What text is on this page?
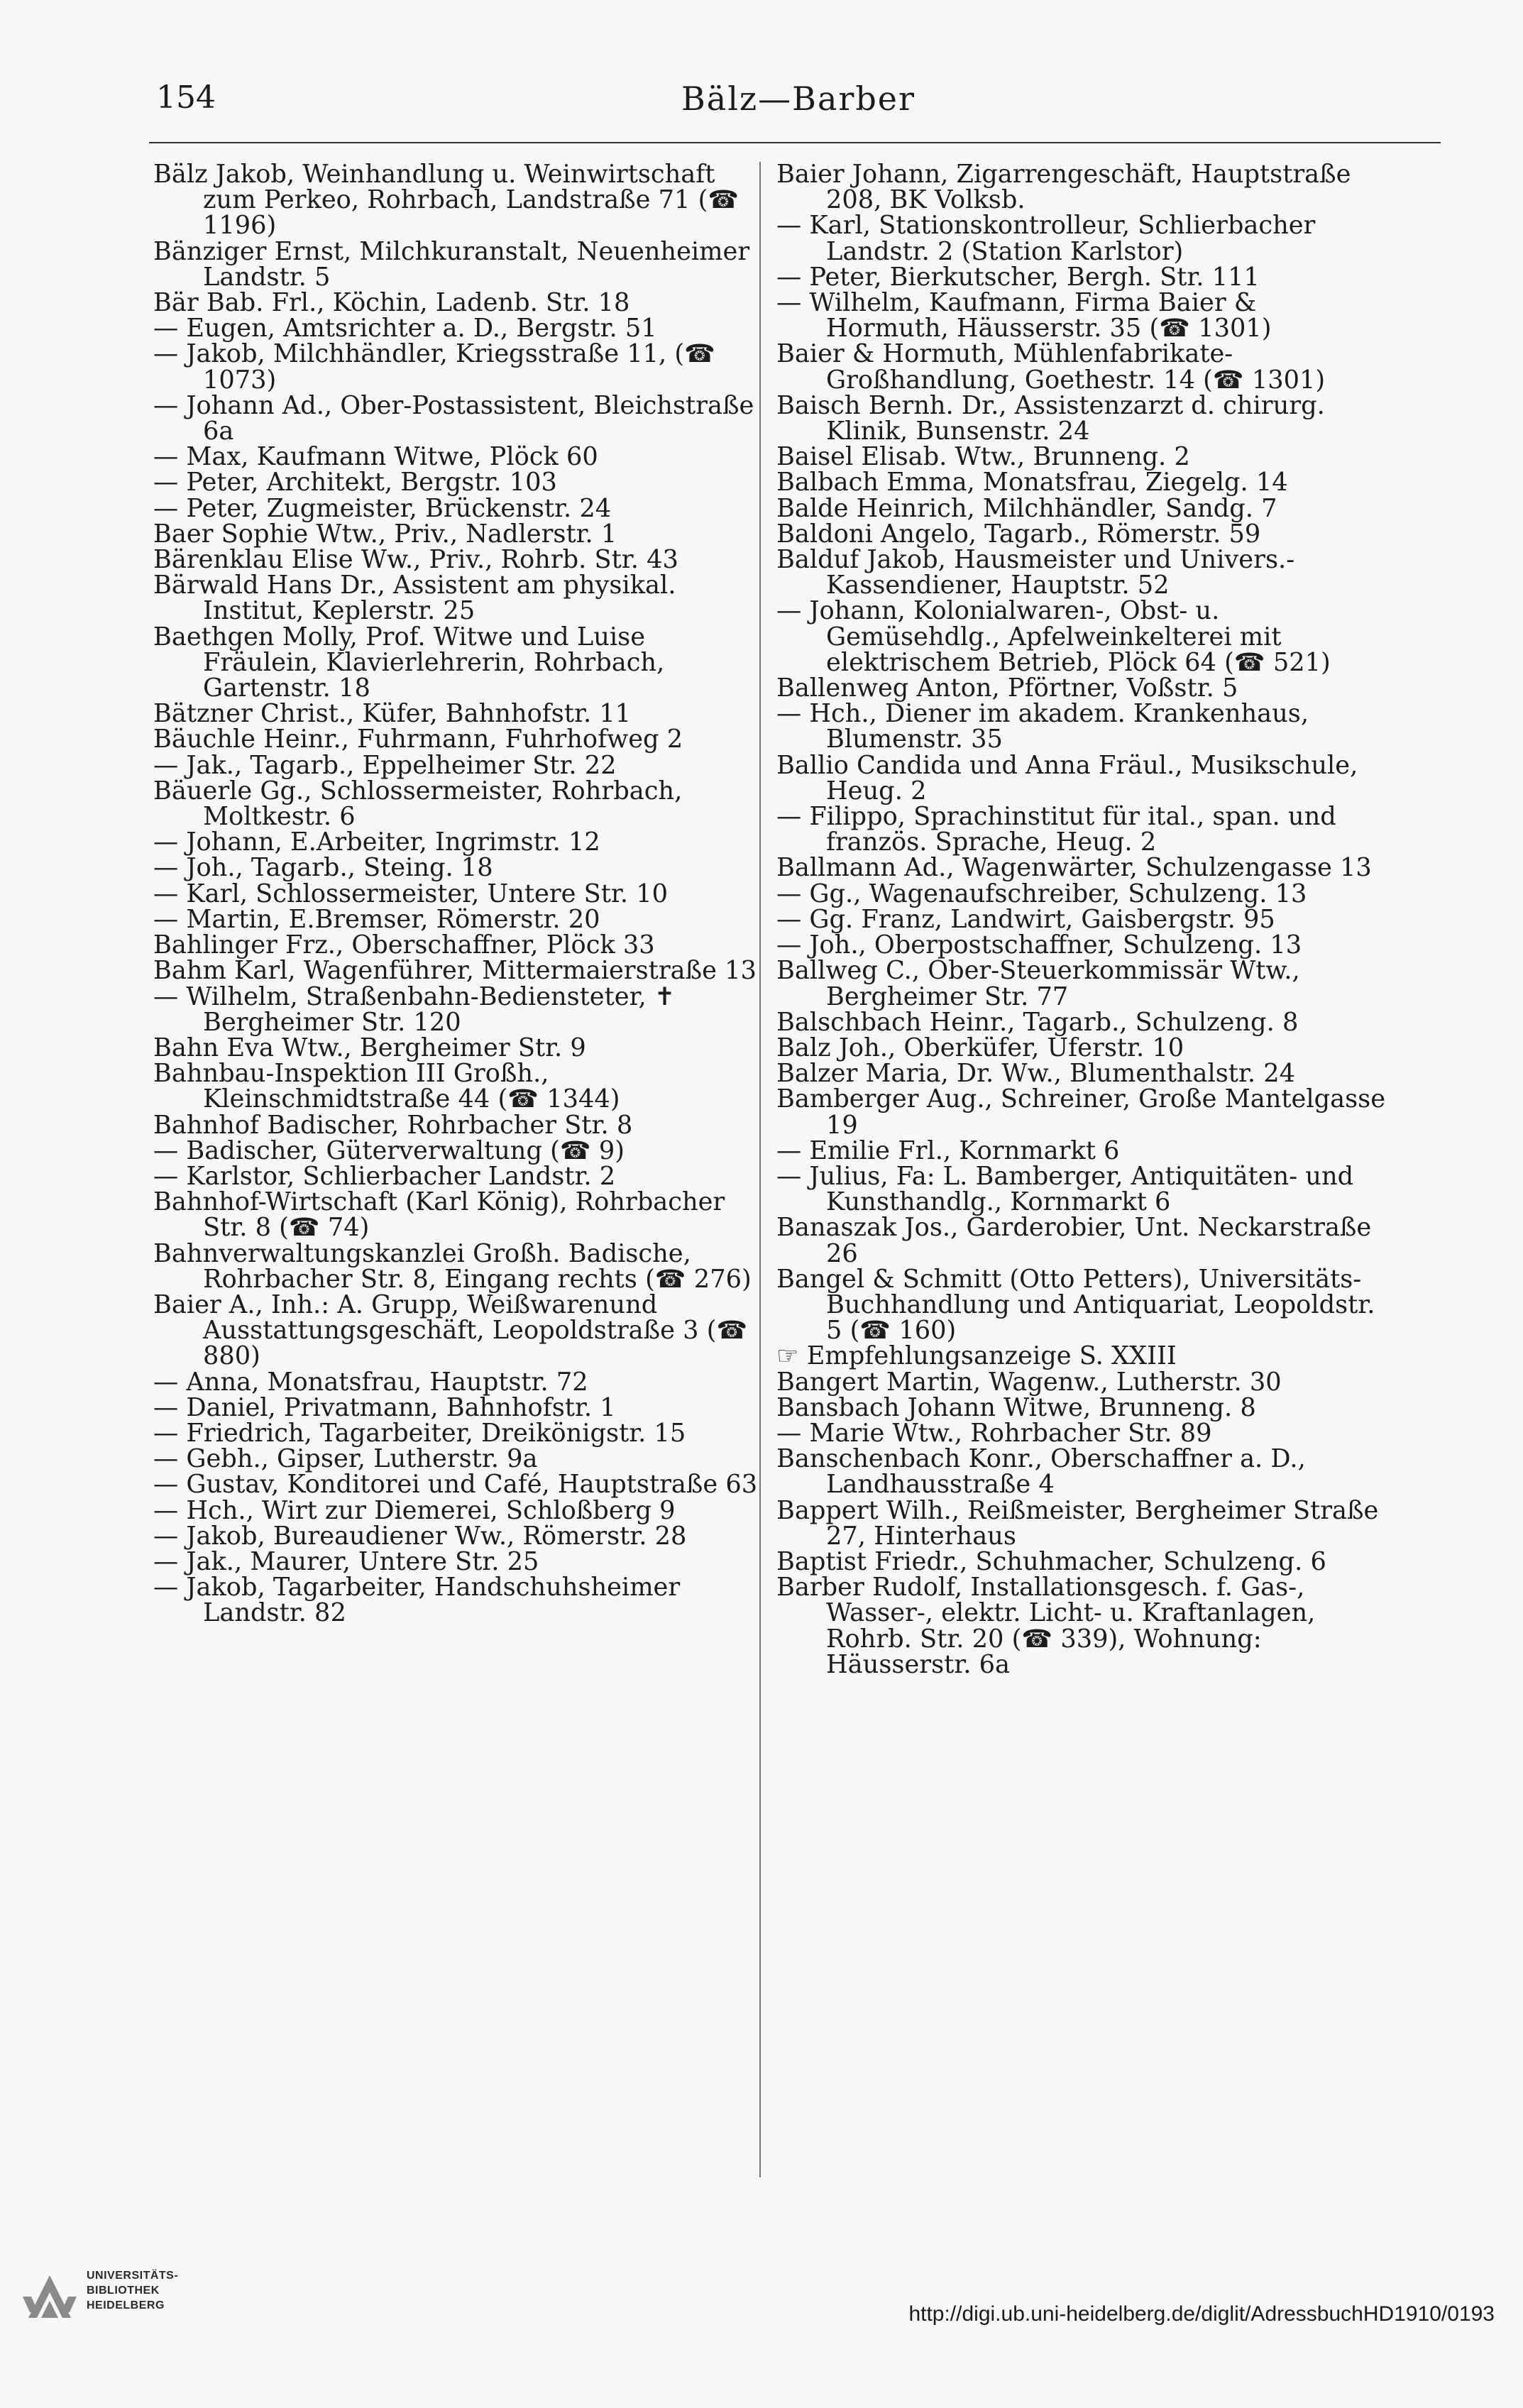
154	Bälz—Barber

Bälz Jakob, Weinhandlung u. Weinwirtschaft zum Perkeo, Rohrbach, Landstraße 71 (☎ 1196)

Bänziger Ernst, Milchkuranstalt, Neuenheimer Landstr. 5

Bär Bab. Frl., Köchin, Ladenb. Str. 18

— Eugen, Amtsrichter a. D., Bergstr. 51

— Jakob, Milchhändler, Kriegsstraße 11, (☎ 1073)

— Johann Ad., Ober-Postassistent, Bleichstraße 6a

— Max, Kaufmann Witwe, Plöck 60

— Peter, Architekt, Bergstr. 103

— Peter, Zugmeister, Brückenstr. 24

Baer Sophie Wtw., Priv., Nadlerstr. 1

Bärenklau Elise Ww., Priv., Rohrb. Str. 43

Bärwald Hans Dr., Assistent am physikal. Institut, Keplerstr. 25

Baethgen Molly, Prof. Witwe und Luise Fräulein, Klavierlehrerin, Rohrbach, Gartenstr. 18

Bätzner Christ., Küfer, Bahnhofstr. 11

Bäuchle Heinr., Fuhrmann, Fuhrhofweg 2

— Jak., Tagarb., Eppelheimer Str. 22

Bäuerle Gg., Schlossermeister, Rohrbach, Moltkestr. 6

— Johann, E.Arbeiter, Ingrimstr. 12

— Joh., Tagarb., Steing. 18

— Karl, Schlossermeister, Untere Str. 10

— Martin, E.Bremser, Römerstr. 20

Bahlinger Frz., Oberschaffner, Plöck 33

Bahm Karl, Wagenführer, Mittermaierstraße 13

— Wilhelm, Straßenbahn-Bediensteter, ✝ Bergheimer Str. 120

Bahn Eva Wtw., Bergheimer Str. 9

Bahnbau-Inspektion III Großh., Kleinschmidtstraße 44 (☎ 1344)

Bahnhof Badischer, Rohrbacher Str. 8

— Badischer, Güterverwaltung (☎ 9)

— Karlstor, Schlierbacher Landstr. 2

Bahnhof-Wirtschaft (Karl König), Rohrbacher Str. 8 (☎ 74)

Bahnverwaltungskanzlei Großh. Badische, Rohrbacher Str. 8, Eingang rechts (☎ 276)

Baier A., Inh.: A. Grupp, Weißwarenund Ausstattungsgeschäft, Leopoldstraße 3 (☎ 880)

— Anna, Monatsfrau, Hauptstr. 72

— Daniel, Privatmann, Bahnhofstr. 1

— Friedrich, Tagarbeiter, Dreikönigstr. 15

— Gebh., Gipser, Lutherstr. 9a

— Gustav, Konditorei und Café, Hauptstraße 63

— Hch., Wirt zur Diemerei, Schloßberg 9

— Jakob, Bureaudiener Ww., Römerstr. 28

— Jak., Maurer, Untere Str. 25

— Jakob, Tagarbeiter, Handschuhsheimer Landstr. 82

Baier Johann, Zigarrengeschäft, Hauptstraße 208, BK Volksb.

— Karl, Stationskontrolleur, Schlierbacher Landstr. 2 (Station Karlstor)

— Peter, Bierkutscher, Bergh. Str. 111

— Wilhelm, Kaufmann, Firma Baier & Hormuth, Häusserstr. 35 (☎ 1301)

Baier & Hormuth, Mühlenfabrikate-Großhandlung, Goethestr. 14 (☎ 1301)

Baisch Bernh. Dr., Assistenzarzt d. chirurg. Klinik, Bunsenstr. 24

Baisel Elisab. Wtw., Brunneng. 2

Balbach Emma, Monatsfrau, Ziegelg. 14

Balde Heinrich, Milchhändler, Sandg. 7

Baldoni Angelo, Tagarb., Römerstr. 59

Balduf Jakob, Hausmeister und Univers.-Kassendiener, Hauptstr. 52

— Johann, Kolonialwaren-, Obst- u. Gemüsehdlg., Apfelweinkelterei mit elektrischem Betrieb, Plöck 64 (☎ 521)

Ballenweg Anton, Pförtner, Voßstr. 5

— Hch., Diener im akadem. Krankenhaus, Blumenstr. 35

Ballio Candida und Anna Fräul., Musikschule, Heug. 2

— Filippo, Sprachinstitut für ital., span. und französ. Sprache, Heug. 2

Ballmann Ad., Wagenwärter, Schulzengasse 13

— Gg., Wagenaufschreiber, Schulzeng. 13

— Gg. Franz, Landwirt, Gaisbergstr. 95

— Joh., Oberpostschaffner, Schulzeng. 13

Ballweg C., Ober-Steuerkommissär Wtw., Bergheimer Str. 77

Balschbach Heinr., Tagarb., Schulzeng. 8

Balz Joh., Oberküfer, Uferstr. 10

Balzer Maria, Dr. Ww., Blumenthalstr. 24

Bamberger Aug., Schreiner, Große Mantelgasse 19

— Emilie Frl., Kornmarkt 6

— Julius, Fa: L. Bamberger, Antiquitäten- und Kunsthandlg., Kornmarkt 6

Banaszak Jos., Garderobier, Unt. Neckarstraße 26

Bangel & Schmitt (Otto Petters), Universitäts-Buchhandlung und Antiquariat, Leopoldstr. 5 (☎ 160)

☞ Empfehlungsanzeige S. XXIII

Bangert Martin, Wagenw., Lutherstr. 30

Bansbach Johann Witwe, Brunneng. 8

— Marie Wtw., Rohrbacher Str. 89

Banschenbach Konr., Oberschaffner a. D., Landhausstraße 4

Bappert Wilh., Reißmeister, Bergheimer Straße 27, Hinterhaus

Baptist Friedr., Schuhmacher, Schulzeng. 6

Barber Rudolf, Installationsgesch. f. Gas-, Wasser-, elektr. Licht- u. Kraftanlagen, Rohrb. Str. 20 (☎ 339), Wohnung: Häusserstr. 6a

UNIVERSITÄTS-
BIBLIOTHEK
HEIDELBERG	http://digi.ub.uni-heidelberg.de/diglit/AdressbuchHD1910/0193
